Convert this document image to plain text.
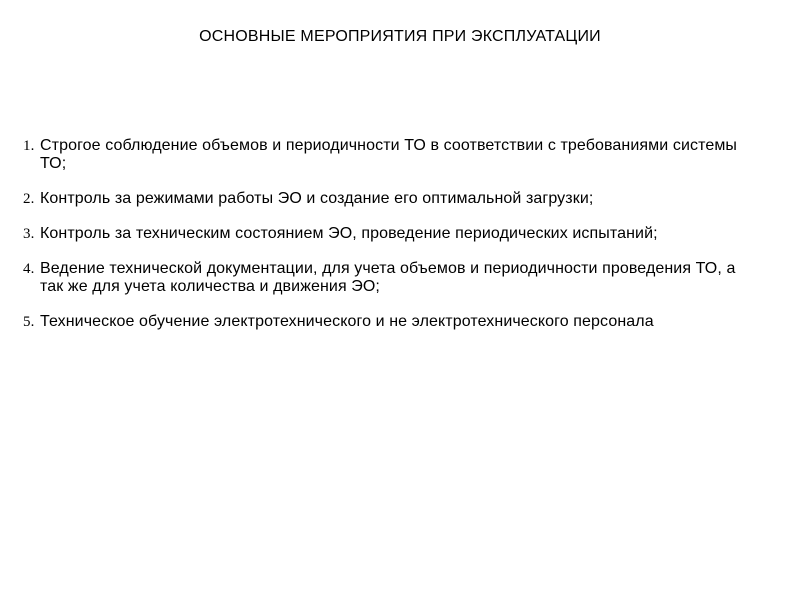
ОСНОВНЫЕ МЕРОПРИЯТИЯ ПРИ ЭКСПЛУАТАЦИИ
1. Строгое соблюдение объемов и периодичности ТО в соответствии с требованиями системы ТО;
2. Контроль за режимами работы ЭО и создание его оптимальной загрузки;
3. Контроль за техническим состоянием ЭО, проведение периодических испытаний;
4. Ведение технической документации, для учета объемов и периодичности проведения ТО, а так же для учета количества и движения ЭО;
5. Техническое обучение электротехнического и не электротехнического персонала
